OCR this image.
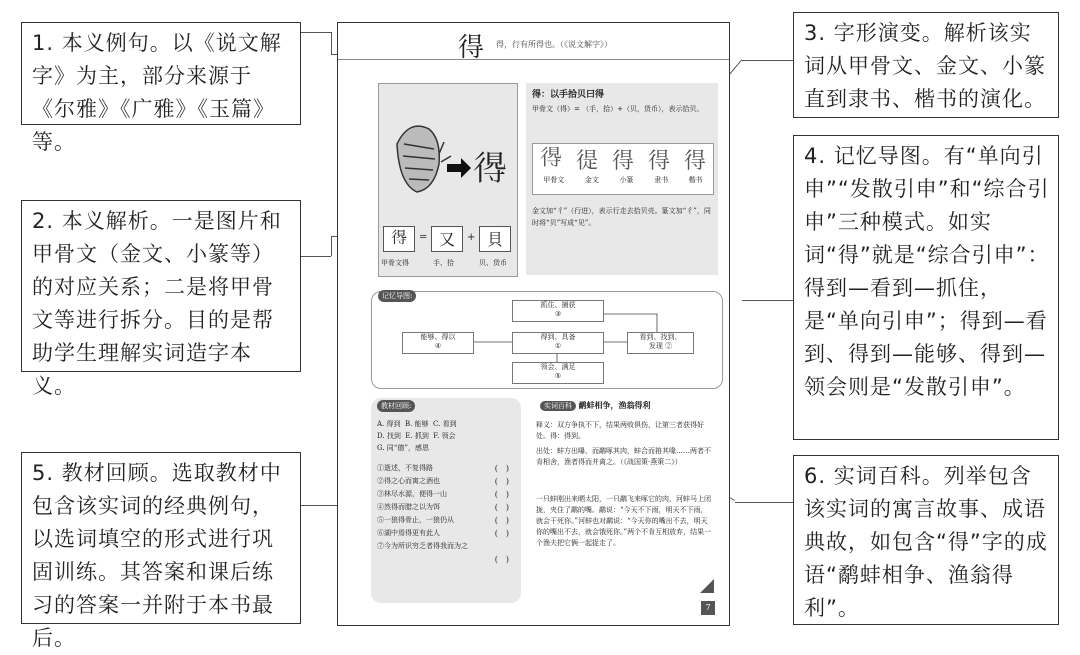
1. 本义例句。以《说文解字》为主，部分来源于《尔雅》《广雅》《玉篇》等。
2. 本义解析。一是图片和甲骨文（金文、小篆等）的对应关系；二是将甲骨文等进行拆分。目的是帮助学生理解实词造字本义。
5. 教材回顾。选取教材中包含该实词的经典例句，以选词填空的形式进行巩固训练。其答案和课后练习的答案一并附于本书最后。
3. 字形演变。解析该实词从甲骨文、金文、小篆直到隶书、楷书的演化。
4. 记忆导图。有“单向引申”“发散引申”和“综合引申”三种模式。如实词“得”就是“综合引申”：得到—看到—抓住，是“单向引申”；得到—看到、得到—能够、得到—领会则是“发散引申”。
6. 实词百科。列举包含该实词的寓言故事、成语典故，如包含“得”字的成语“鹬蚌相争、渔翁得利”。
得 得，行有所得也。（《说文解字》）
𢔶
𢔶	= 又	+ 貝
甲骨文得	手、拾	贝、货币
得：以手拾贝曰得
甲骨文（得）= （手，拾）+（贝，货币），表示拾贝。
𢔶 徥 得 得 得
甲骨文	金文	小篆	隶书	楷书
金文加“彳”（行进），表示行走去拾贝壳。篆文加“彳”，同时将“贝”写成“见”。
记忆导图:
抓住、捕获
③
得到、具备
①
能够、得以
④
看到、找到、
发现 ②
领会、满足
⑤
教材回顾:
A. 得到 B. 能够 C. 看到
D. 找到 E. 抓到 F. 领会
G. 同“德”，感恩
①逝述，不复得路	(　)
②得之心而寓之酒也	(　)
③林尽水源，便得一山	(　)
④然得而腊之以为饵	(　)
⑤一狼得骨止，一狼仍从	(　)
⑥湖中焉得更有此人	(　)
⑦今为所识穷乏者得我而为之
(　)
实词百科 鹬蚌相争，渔翁得利
释义：双方争执不下，结果两败俱伤，让第三者获得好处。得：得到。
出处：蚌方出曝，而鹬啄其肉，蚌合而箝其喙……两者不肯相舍，渔者得而并禽之。（《战国策·燕策二》）
一只蚌刚出来晒太阳，一只鹬飞来啄它的肉，河蚌马上闭拢，夹住了鹬的嘴。鹬说：“今天不下雨，明天不下雨，就会干死你。”河蚌也对鹬说：“今天你的嘴出不去，明天你的嘴出不去，就会饿死你。”两个不肯互相放弃，结果一个渔夫把它俩一起捉走了。
7
